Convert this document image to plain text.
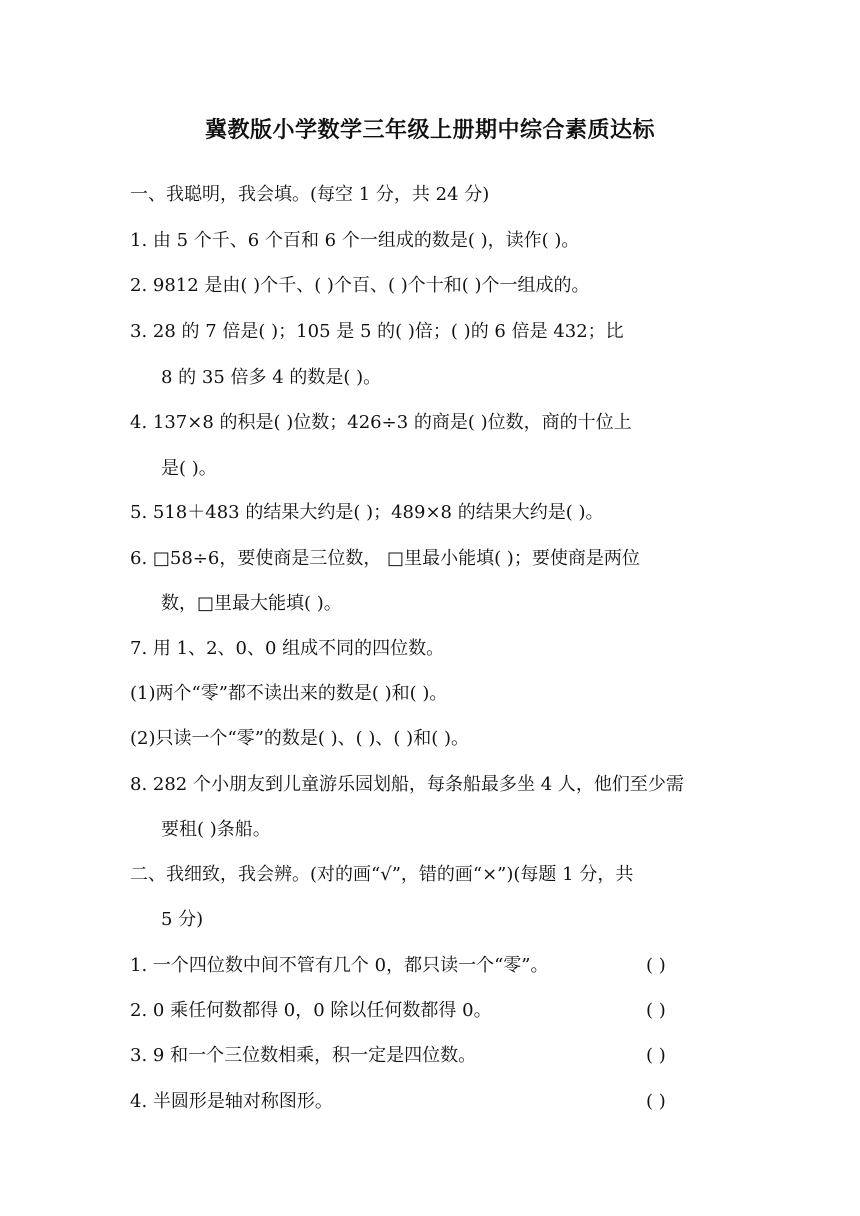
冀教版小学数学三年级上册期中综合素质达标
一、我聪明，我会填。(每空 1 分，共 24 分)
1. 由 5 个千、6 个百和 6 个一组成的数是( )，读作( )。
2. 9812 是由( )个千、( )个百、( )个十和( )个一组成的。
3. 28 的 7 倍是( )；105 是 5 的( )倍；( )的 6 倍是 432；比
8 的 35 倍多 4 的数是( )。
4. 137×8 的积是( )位数；426÷3 的商是( )位数，商的十位上
是( )。
5. 518＋483 的结果大约是( )；489×8 的结果大约是( )。
6. □58÷6，要使商是三位数， □里最小能填( )；要使商是两位
数，□里最大能填( )。
7. 用 1、2、0、0 组成不同的四位数。
(1)两个“零”都不读出来的数是( )和( )。
(2)只读一个“零”的数是( )、( )、( )和( )。
8. 282 个小朋友到儿童游乐园划船，每条船最多坐 4 人，他们至少需
要租( )条船。
二、我细致，我会辨。(对的画“√”，错的画“×”)(每题 1 分，共
5 分)
1. 一个四位数中间不管有几个 0，都只读一个“零”。	( )
2. 0 乘任何数都得 0，0 除以任何数都得 0。	( )
3. 9 和一个三位数相乘，积一定是四位数。	( )
4. 半圆形是轴对称图形。	( )
